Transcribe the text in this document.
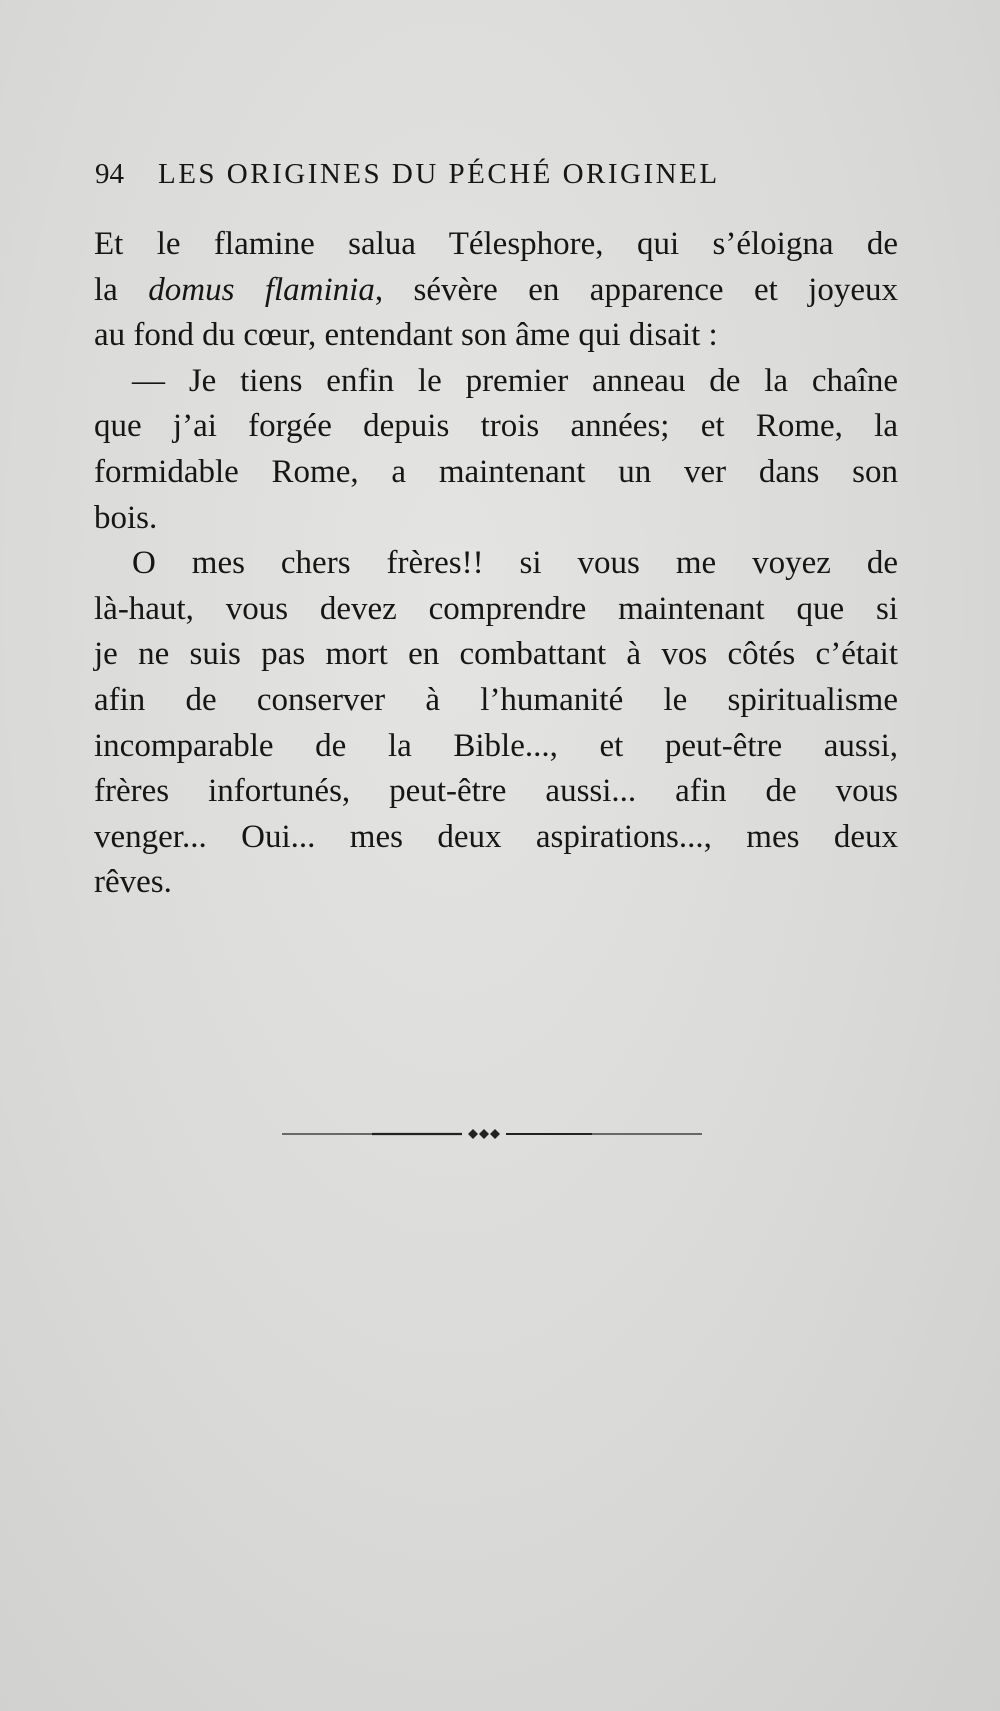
94 LES ORIGINES DU PÉCHÉ ORIGINEL
Et le flamine salua Télesphore, qui s’éloigna de
la domus flaminia, sévère en apparence et joyeux
au fond du cœur, entendant son âme qui disait :
— Je tiens enfin le premier anneau de la chaîne
que j’ai forgée depuis trois années; et Rome, la
formidable Rome, a maintenant un ver dans son
bois.
O mes chers frères!! si vous me voyez de
là-haut, vous devez comprendre maintenant que si
je ne suis pas mort en combattant à vos côtés c’était
afin de conserver à l’humanité le spiritualisme
incomparable de la Bible..., et peut-être aussi,
frères infortunés, peut-être aussi... afin de vous
venger... Oui... mes deux aspirations..., mes deux
rêves.
